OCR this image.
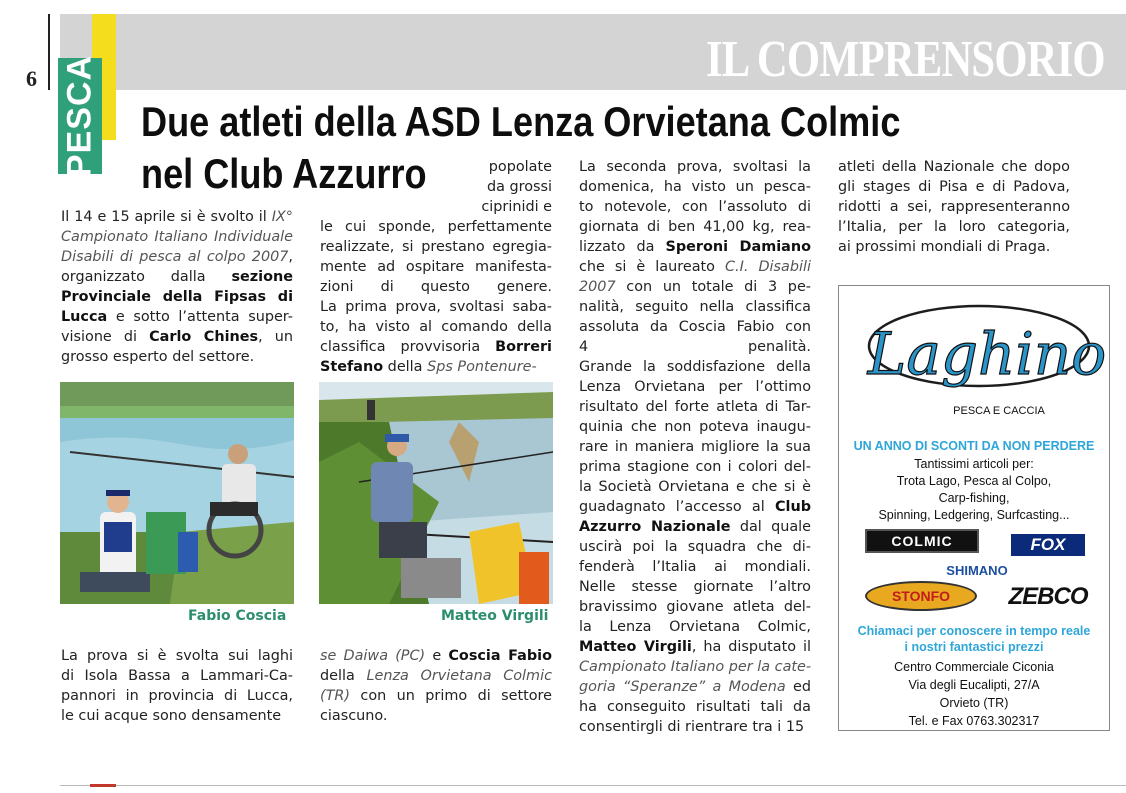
PESCA
6	IL COMPRENSORIO
Due atleti della ASD Lenza Orvietana Colmic
nel Club Azzurro
Il 14 e 15 aprile si è svolto il IX°
Campionato Italiano Individuale
Disabili di pesca al colpo 2007,
organizzato dalla sezione
Provinciale della Fipsas di
Lucca e sotto l’attenta super-
visione di Carlo Chines, un
grosso esperto del settore.
La prova si è svolta sui laghi
di Isola Bassa a Lammari-Ca-
pannori in provincia di Lucca,
le cui acque sono densamente
popolate
da grossi
ciprinidi e
le cui sponde, perfettamente
realizzate, si prestano egregia-
mente ad ospitare manifesta-
zioni di questo genere.
La prima prova, svoltasi saba-
to, ha visto al comando della
classifica provvisoria Borreri
Stefano della Sps Pontenure-
se Daiwa (PC) e Coscia Fabio
della Lenza Orvietana Colmic
(TR) con un primo di settore
ciascuno.
La seconda prova, svoltasi la
domenica, ha visto un pesca-
to notevole, con l’assoluto di
giornata di ben 41,00 kg, rea-
lizzato da Speroni Damiano
che si è laureato C.I. Disabili
2007 con un totale di 3 pe-
nalità, seguito nella classifica
assoluta da Coscia Fabio con
4 penalità.
Grande la soddisfazione della
Lenza Orvietana per l’ottimo
risultato del forte atleta di Tar-
quinia che non poteva inaugu-
rare in maniera migliore la sua
prima stagione con i colori del-
la Società Orvietana e che si è
guadagnato l’accesso al Club
Azzurro Nazionale dal quale
uscirà poi la squadra che di-
fenderà l’Italia ai mondiali.
Nelle stesse giornate l’altro
bravissimo giovane atleta del-
la Lenza Orvietana Colmic,
Matteo Virgili, ha disputato il
Campionato Italiano per la cate-
goria “Speranze” a Modena ed
ha conseguito risultati tali da
consentirgli di rientrare tra i 15
atleti della Nazionale che dopo
gli stages di Pisa e di Padova,
ridotti a sei, rappresenteranno
l’Italia, per la loro categoria,
ai prossimi mondiali di Praga.
Fabio Coscia	Matteo Virgili
Laghino
PESCA E CACCIA
UN ANNO DI SCONTI DA NON PERDERE
Tantissimi articoli per:
Trota Lago, Pesca al Colpo,
Carp-fishing,
Spinning, Ledgering, Surfcasting...
COLMIC	FOX
SHIMANO
STONFO ZEBCO
Chiamaci per conoscere in tempo reale
i nostri fantastici prezzi
Centro Commerciale Ciconia
Via degli Eucalipti, 27/A
Orvieto (TR)
Tel. e Fax 0763.302317
